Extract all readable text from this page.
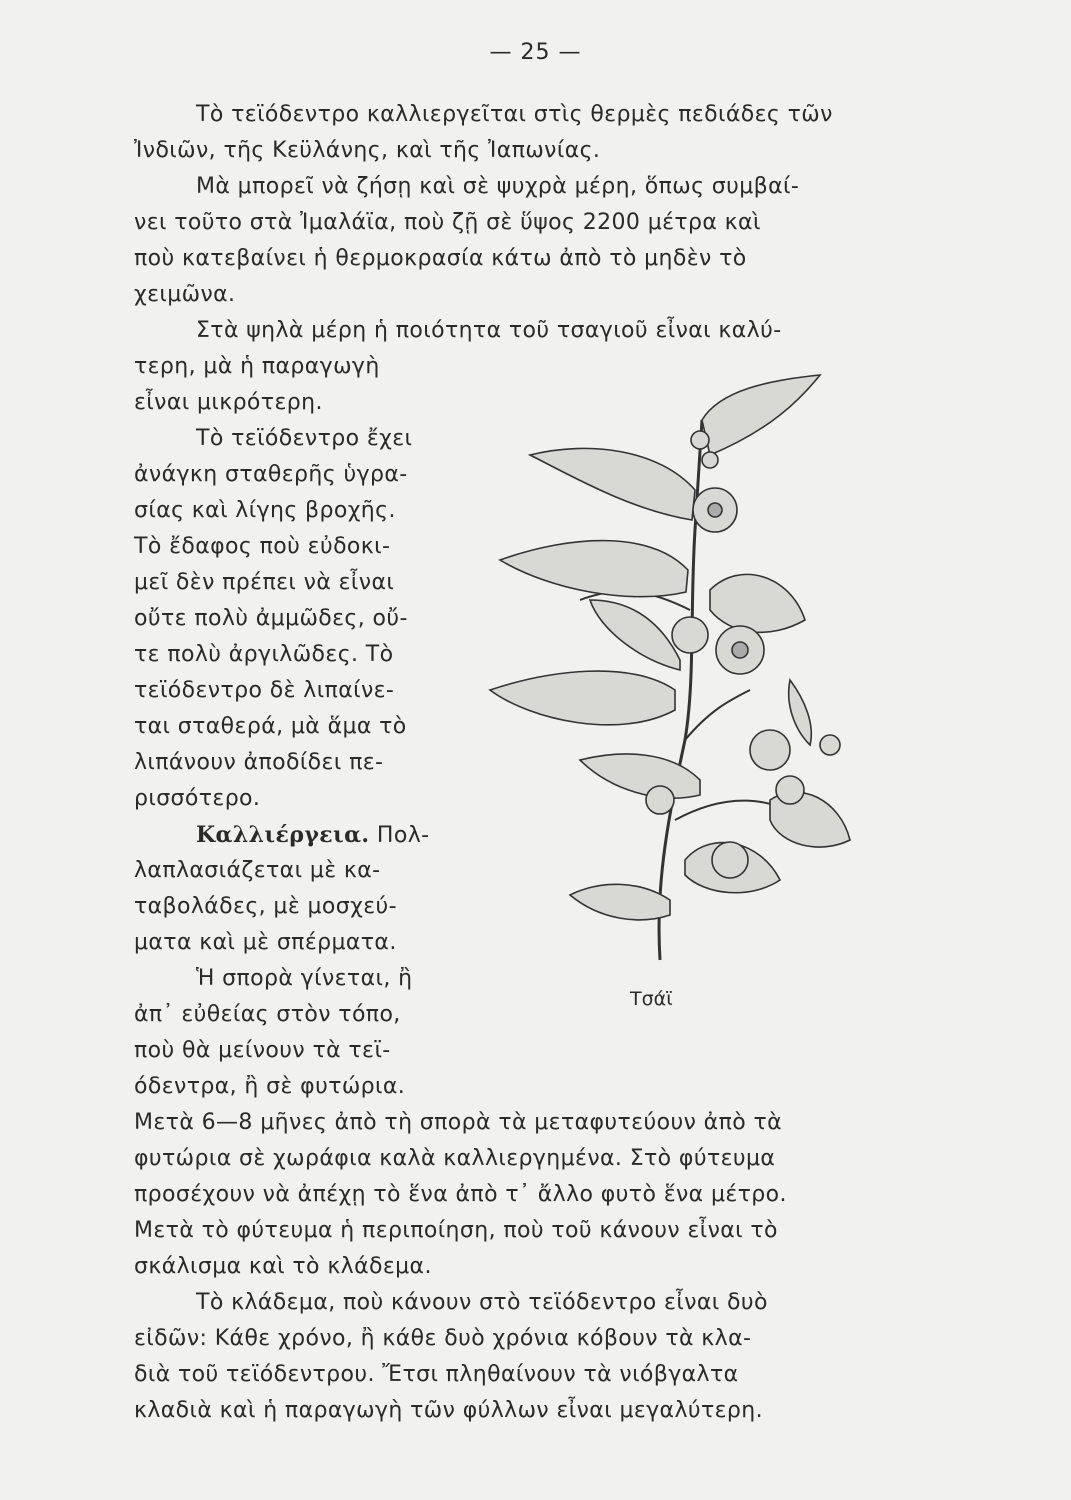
— 25 —
Τὸ τεϊόδεντρο καλλιεργεῖται στὶς θερμὲς πεδιάδες τῶν
Ἰνδιῶν, τῆς Κεϋλάνης, καὶ τῆς Ἰαπωνίας.
Μὰ μπορεῖ νὰ ζήσῃ καὶ σὲ ψυχρὰ μέρη, ὅπως συμβαί-
νει τοῦτο στὰ Ἰμαλάϊα, ποὺ ζῇ σὲ ὕψος 2200 μέτρα καὶ
ποὺ κατεβαίνει ἡ θερμοκρασία κάτω ἀπὸ τὸ μηδὲν τὸ
χειμῶνα.
Στὰ ψηλὰ μέρη ἡ ποιότητα τοῦ τσαγιοῦ εἶναι καλύ-
τερη, μὰ ἡ παραγωγὴ
εἶναι μικρότερη.
Τὸ τεϊόδεντρο ἔχει
ἀνάγκη σταθερῆς ὑγρα-
σίας καὶ λίγης βροχῆς.
Τὸ ἔδαφος ποὺ εὐδοκι-
μεῖ δὲν πρέπει νὰ εἶναι
οὔτε πολὺ ἀμμῶδες, οὔ-
τε πολὺ ἀργιλῶδες. Τὸ
τεϊόδεντρο δὲ λιπαίνε-
ται σταθερά, μὰ ἅμα τὸ
λιπάνουν ἀποδίδει πε-
ρισσότερο.
Καλλιέργεια. Πολ-
λαπλασιάζεται μὲ κα-
ταβολάδες, μὲ μοσχεύ-
ματα καὶ μὲ σπέρματα.
Ἡ σπορὰ γίνεται, ἢ
ἀπ᾿ εὐθείας στὸν τόπο,
ποὺ θὰ μείνουν τὰ τεϊ-
όδεντρα, ἢ σὲ φυτώρια.
Μετὰ 6—8 μῆνες ἀπὸ τὴ σπορὰ τὰ μεταφυτεύουν ἀπὸ τὰ
φυτώρια σὲ χωράφια καλὰ καλλιεργημένα. Στὸ φύτευμα
προσέχουν νὰ ἀπέχῃ τὸ ἕνα ἀπὸ τ᾿ ἄλλο φυτὸ ἕνα μέτρο.
Μετὰ τὸ φύτευμα ἡ περιποίηση, ποὺ τοῦ κάνουν εἶναι τὸ
σκάλισμα καὶ τὸ κλάδεμα.
Τὸ κλάδεμα, ποὺ κάνουν στὸ τεϊόδεντρο εἶναι δυὸ
εἰδῶν: Κάθε χρόνο, ἢ κάθε δυὸ χρόνια κόβουν τὰ κλα-
διὰ τοῦ τεϊόδεντρου. Ἔτσι πληθαίνουν τὰ νιόβγαλτα
κλαδιὰ καὶ ἡ παραγωγὴ τῶν φύλλων εἶναι μεγαλύτερη.
Τσάϊ
